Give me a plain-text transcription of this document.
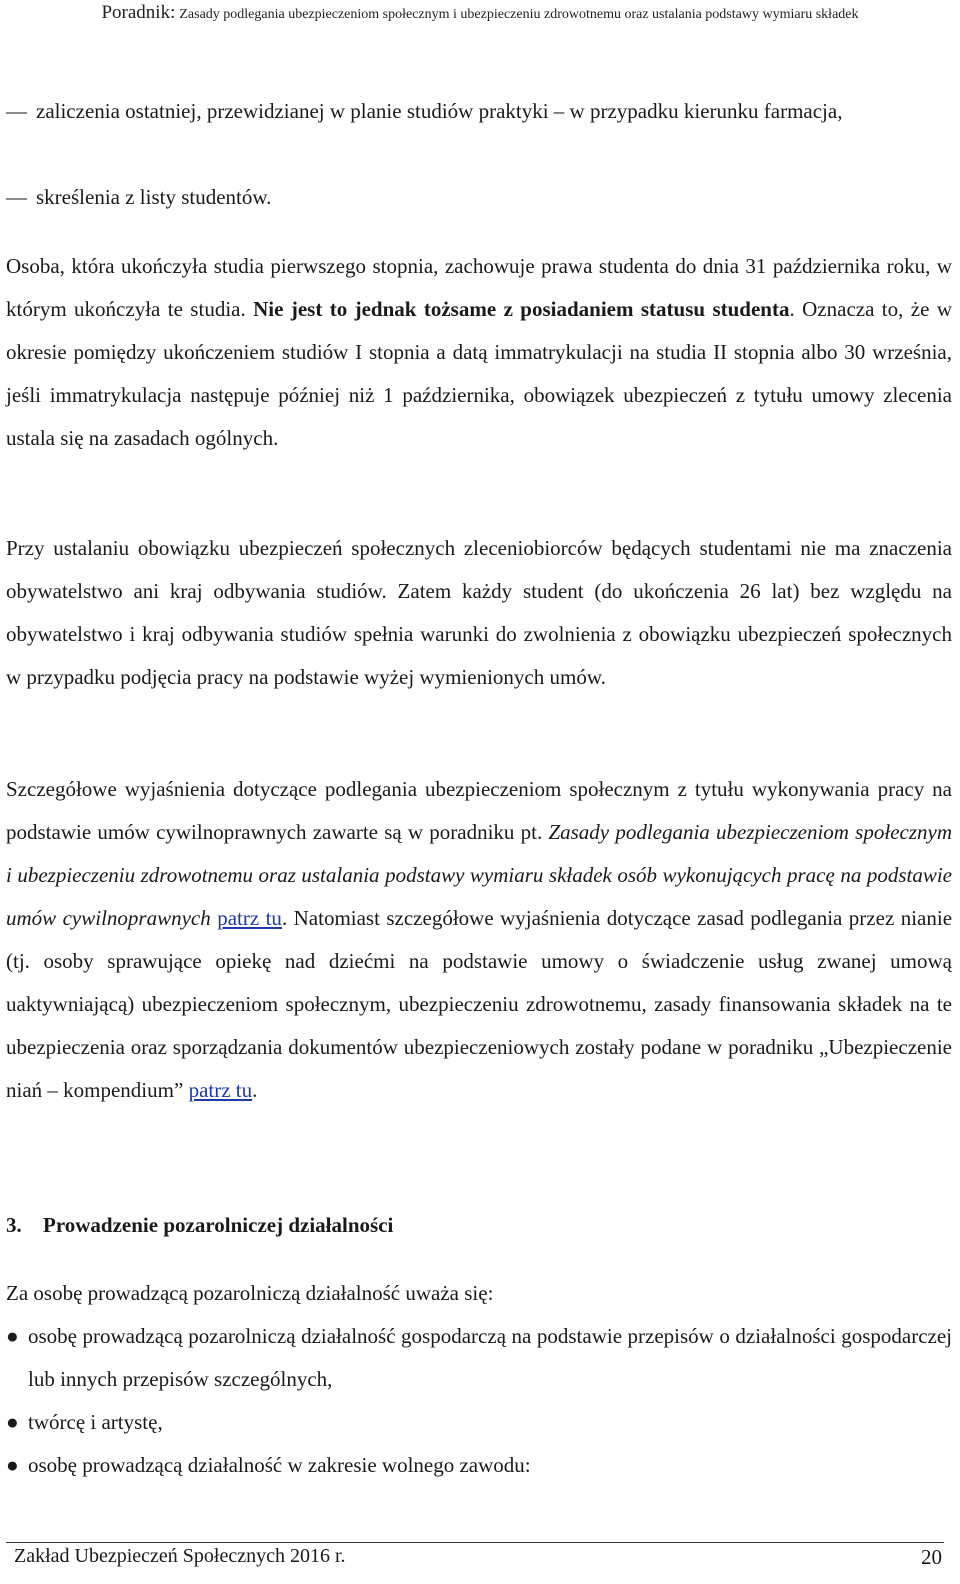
Poradnik: Zasady podlegania ubezpieczeniom społecznym i ubezpieczeniu zdrowotnemu oraz ustalania podstawy wymiaru składek
— zaliczenia ostatniej, przewidzianej w planie studiów praktyki – w przypadku kierunku farmacja,
— skreślenia z listy studentów.
Osoba, która ukończyła studia pierwszego stopnia, zachowuje prawa studenta do dnia 31 października roku, w którym ukończyła te studia. Nie jest to jednak tożsame z posiadaniem statusu studenta. Oznacza to, że w okresie pomiędzy ukończeniem studiów I stopnia a datą immatrykulacji na studia II stopnia albo 30 września, jeśli immatrykulacja następuje później niż 1 października, obowiązek ubezpieczeń z tytułu umowy zlecenia ustala się na zasadach ogólnych.
Przy ustalaniu obowiązku ubezpieczeń społecznych zleceniobiorców będących studentami nie ma znaczenia obywatelstwo ani kraj odbywania studiów. Zatem każdy student (do ukończenia 26 lat) bez względu na obywatelstwo i kraj odbywania studiów spełnia warunki do zwolnienia z obowiązku ubezpieczeń społecznych w przypadku podjęcia pracy na podstawie wyżej wymienionych umów.
Szczegółowe wyjaśnienia dotyczące podlegania ubezpieczeniom społecznym z tytułu wykonywania pracy na podstawie umów cywilnoprawnych zawarte są w poradniku pt. Zasady podlegania ubezpieczeniom społecznym i ubezpieczeniu zdrowotnemu oraz ustalania podstawy wymiaru składek osób wykonujących pracę na podstawie umów cywilnoprawnych patrz tu. Natomiast szczegółowe wyjaśnienia dotyczące zasad podlegania przez nianie (tj. osoby sprawujące opiekę nad dziećmi na podstawie umowy o świadczenie usług zwanej umową uaktywniającą) ubezpieczeniom społecznym, ubezpieczeniu zdrowotnemu, zasady finansowania składek na te ubezpieczenia oraz sporządzania dokumentów ubezpieczeniowych zostały podane w poradniku „Ubezpieczenie niań – kompendium” patrz tu.
3. Prowadzenie pozarolniczej działalności
Za osobę prowadzącą pozarolniczą działalność uważa się:
● osobę prowadzącą pozarolniczą działalność gospodarczą na podstawie przepisów o działalności gospodarczej lub innych przepisów szczególnych,
● twórcę i artystę,
● osobę prowadzącą działalność w zakresie wolnego zawodu:
Zakład Ubezpieczeń Społecznych 2016 r.	20
